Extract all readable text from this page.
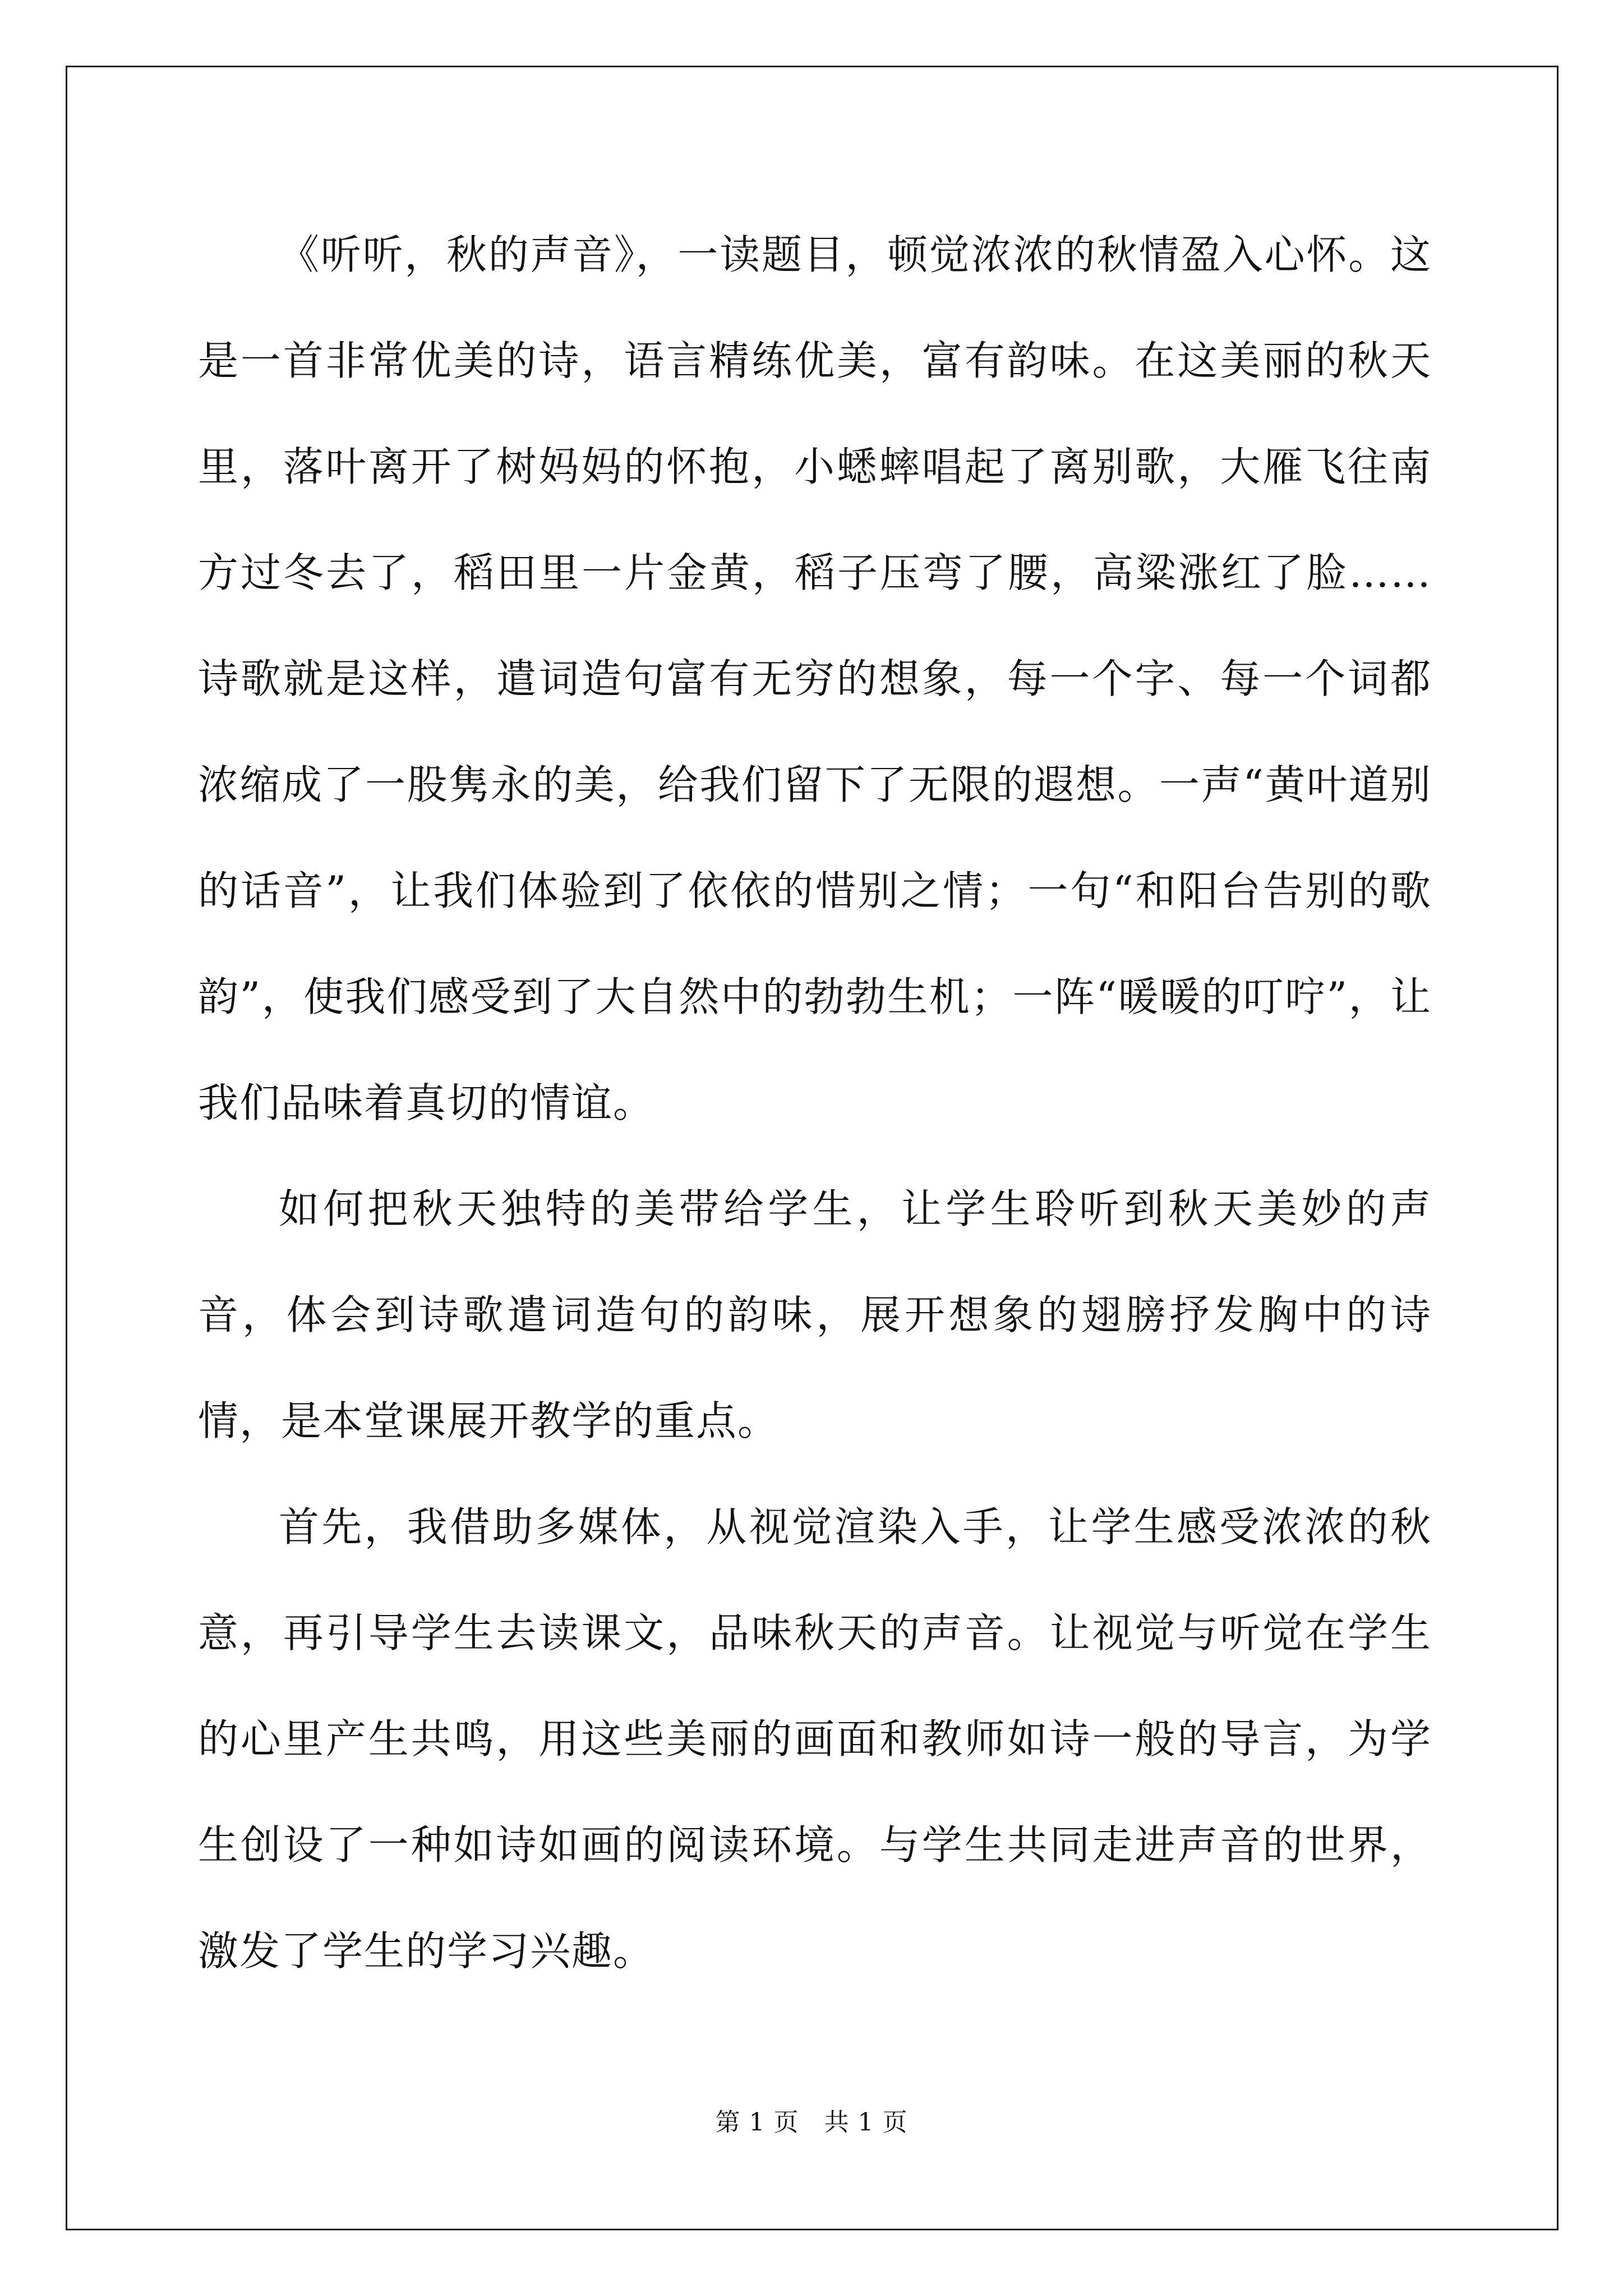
《听听，秋的声音》，一读题目，顿觉浓浓的秋情盈入心怀。这是一首非常优美的诗，语言精练优美，富有韵味。在这美丽的秋天里，落叶离开了树妈妈的怀抱，小蟋蟀唱起了离别歌，大雁飞往南方过冬去了，稻田里一片金黄，稻子压弯了腰，高粱涨红了脸……诗歌就是这样，遣词造句富有无穷的想象，每一个字、每一个词都浓缩成了一股隽永的美，给我们留下了无限的遐想。一声“黄叶道别的话音”，让我们体验到了依依的惜别之情；一句“和阳台告别的歌韵”，使我们感受到了大自然中的勃勃生机；一阵“暖暖的叮咛”，让我们品味着真切的情谊。

如何把秋天独特的美带给学生，让学生聆听到秋天美妙的声音，体会到诗歌遣词造句的韵味，展开想象的翅膀抒发胸中的诗情，是本堂课展开教学的重点。

首先，我借助多媒体，从视觉渲染入手，让学生感受浓浓的秋意，再引导学生去读课文，品味秋天的声音。让视觉与听觉在学生的心里产生共鸣，用这些美丽的画面和教师如诗一般的导言，为学生创设了一种如诗如画的阅读环境。与学生共同走进声音的世界，激发了学生的学习兴趣。

第 1 页　共 1 页
